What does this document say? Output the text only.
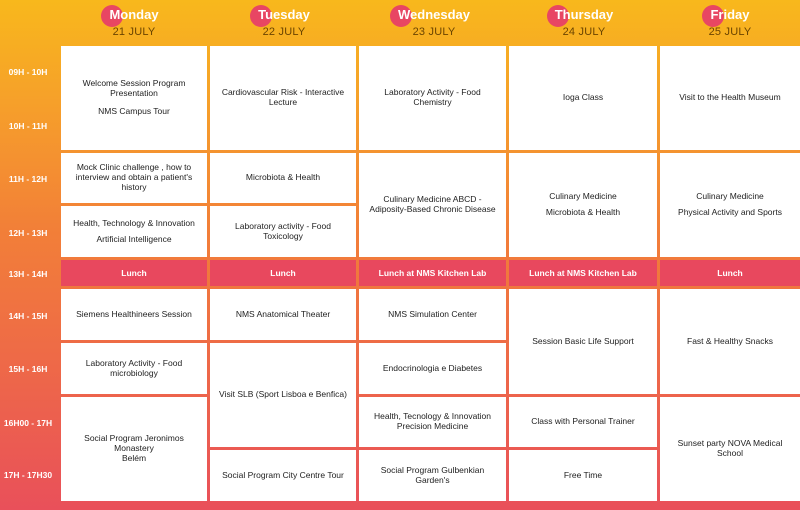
Monday
21 JULY
Tuesday
22 JULY
Wednesday
23 JULY
Thursday
24 JULY
Friday
25 JULY
09H - 10H
10H - 11H
11H - 12H
12H - 13H
13H - 14H
14H - 15H
15H - 16H
16H00 - 17H
17H - 17H30
Welcome Session Program Presentation
NMS Campus Tour
Mock Clinic challenge , how to interview and obtain a patient's history
Health, Technology & Innovation
Artificial Intelligence
Lunch
Siemens Healthineers Session
Laboratory Activity - Food microbiology
Social Program Jeronimos Monastery
Belém
Cardiovascular Risk - Interactive Lecture
Microbiota & Health
Laboratory activity - Food Toxicology
Lunch
NMS Anatomical Theater
Visit SLB (Sport Lisboa e Benfica)
Social Program City Centre Tour
Laboratory Activity - Food Chemistry
Culinary Medicine ABCD - Adiposity-Based Chronic Disease
Lunch at NMS Kitchen Lab
NMS Simulation Center
Endocrinologia e Diabetes
Health, Tecnology & Innovation Precision Medicine
Social Program Gulbenkian Garden's
Ioga Class
Culinary Medicine
Microbiota & Health
Lunch at NMS Kitchen Lab
Session Basic Life Support
Class with Personal Trainer
Free Time
Visit to the Health Museum
Culinary Medicine
Physical Activity and Sports
Lunch
Fast & Healthy Snacks
Sunset party NOVA Medical School
